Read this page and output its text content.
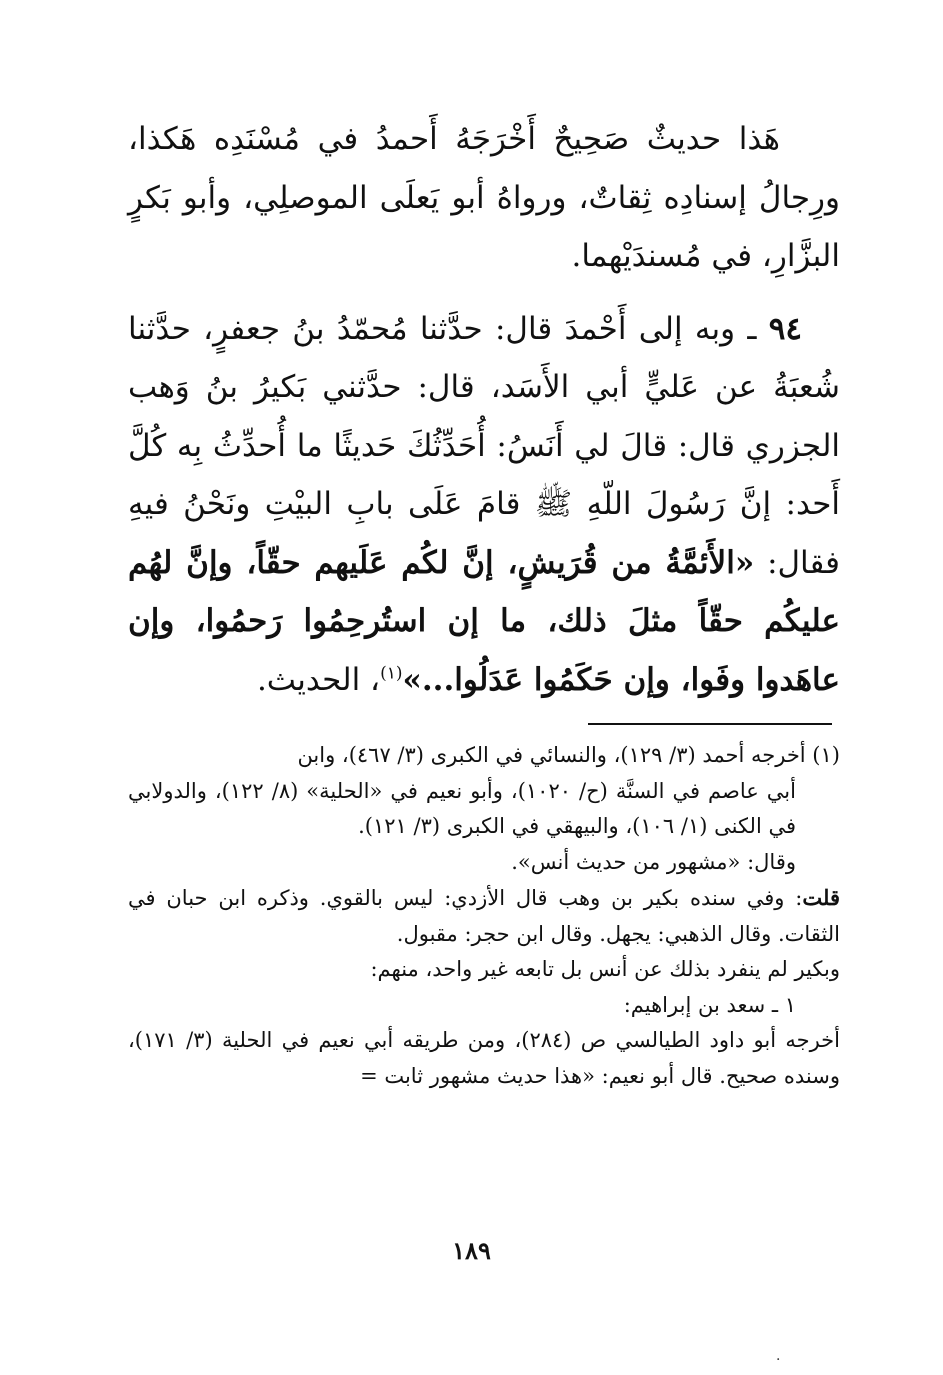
هَذا حديثٌ صَحِيحٌ أَخْرَجَهُ أَحمدُ في مُسْنَدِه هَكذا، ورِجالُ إسنادِه ثِقاتٌ، ورواهُ أبو يَعلَى الموصلِي، وأبو بَكرٍ البزَّارِ، في مُسندَيْهما.

٩٤ ـ وبه إلى أَحْمدَ قال: حدَّثنا مُحمّدُ بنُ جعفرٍ، حدَّثنا شُعبَةُ عن عَليٍّ أبي الأَسَد، قال: حدَّثني بَكيرُ بنُ وَهب الجزري قال: قالَ لي أَنَسُ: أُحَدِّثُكَ حَديثًا ما أُحدِّثُ بِه كُلَّ أَحد: إنَّ رَسُولَ اللّهِ ﷺ قامَ عَلَى بابِ البيْتِ ونَحْنُ فيهِ فقال: «الأَئمَّةُ من قُرَيشٍ، إنَّ لكُم عَلَيهم حقّاً، وإنَّ لهُم عليكُم حقّاً مثلَ ذلك، ما إن استُرحِمُوا رَحمُوا، وإن عاهَدوا وفَوا، وإن حَكَمُوا عَدَلُوا...»$^{(١)}$، الحديث.

(١) أخرجه أحمد (٣/ ١٢٩)، والنسائي في الكبرى (٣/ ٤٦٧)، وابن

أبي عاصم في السنَّة (ح/ ١٠٢٠)، وأبو نعيم في «الحلية» (٨/ ١٢٢)، والدولابي في الكنى (١/ ١٠٦)، والبيهقي في الكبرى (٣/ ١٢١).

وقال: «مشهور من حديث أنس».

قلت: وفي سنده بكير بن وهب قال الأزدي: ليس بالقوي. وذكره ابن حبان في الثقات. وقال الذهبي: يجهل. وقال ابن حجر: مقبول.

وبكير لم ينفرد بذلك عن أنس بل تابعه غير واحد، منهم:

١ ـ سعد بن إبراهيم:

أخرجه أبو داود الطيالسي ص (٢٨٤)، ومن طريقه أبي نعيم في الحلية (٣/ ١٧١)، وسنده صحيح. قال أبو نعيم: «هذا حديث مشهور ثابت =

١٨٩
·
